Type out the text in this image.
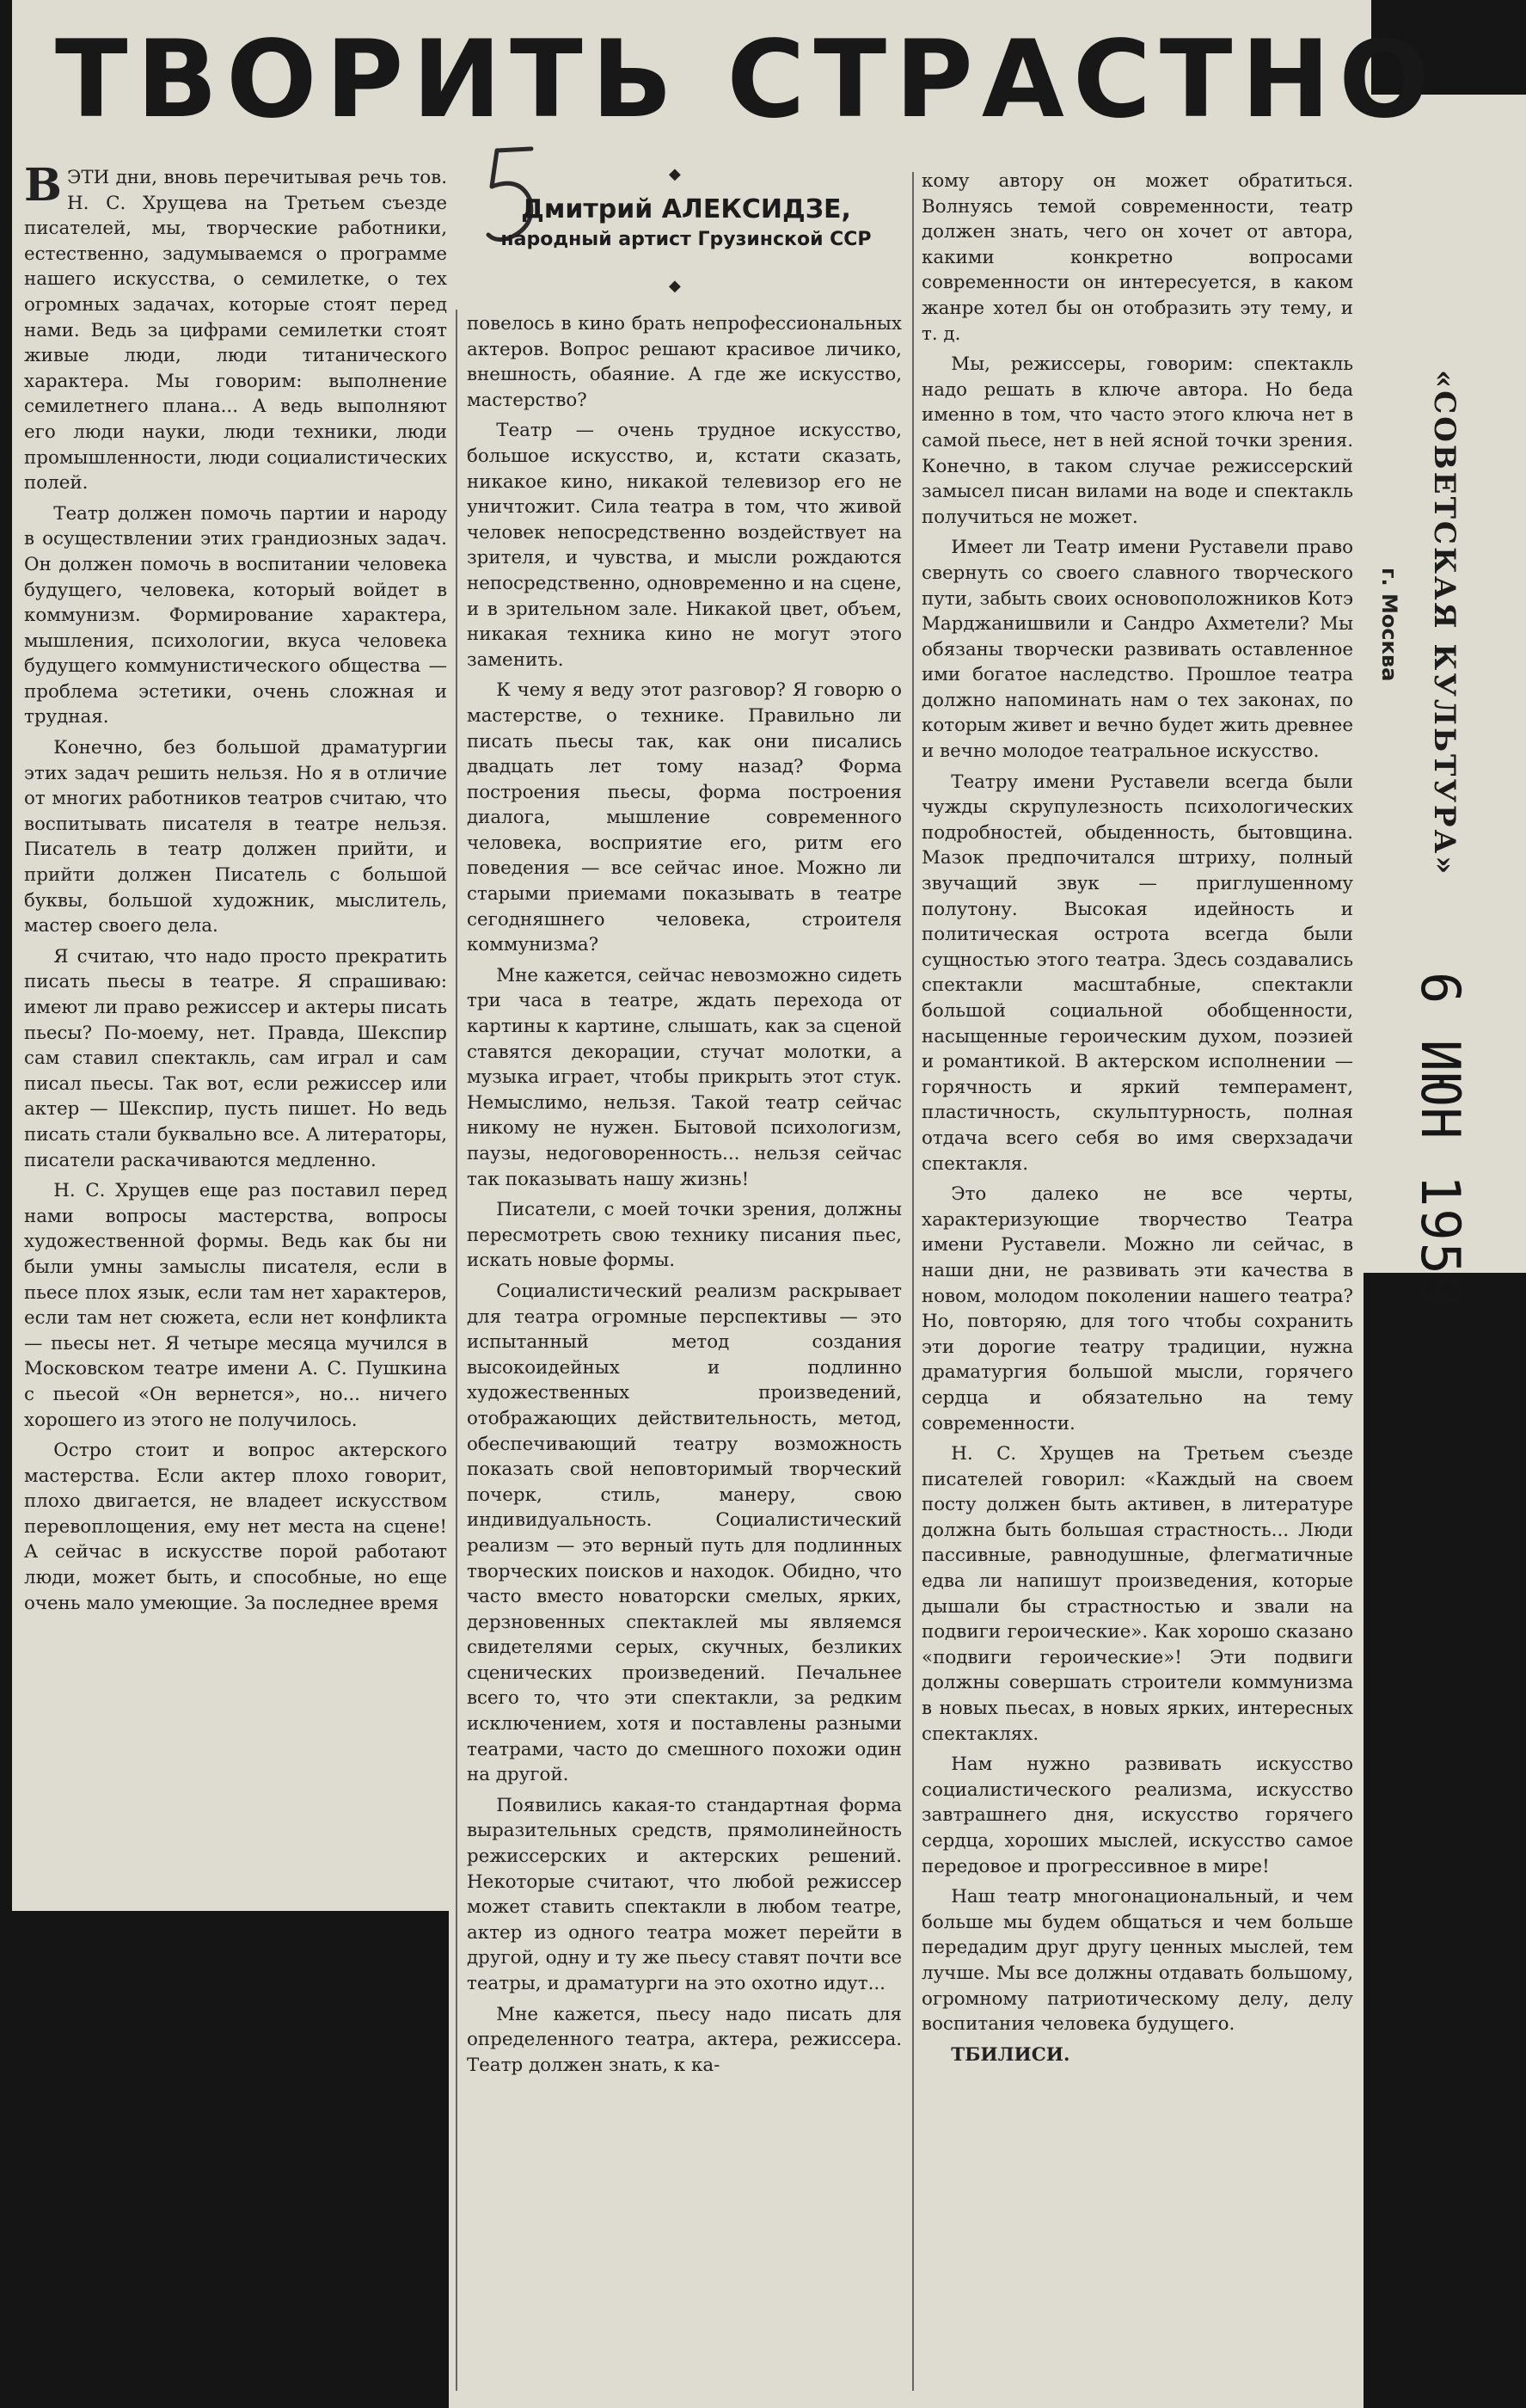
ТВОРИТЬ СТРАСТНО
◆
◆
Дмитрий АЛЕКСИДЗЕ,
народный артист Грузинской ССР

ВЭТИ дни, вновь перечитывая речь тов. Н. С. Хрущева на Третьем съезде писателей, мы, творческие работники, естественно, задумываемся о программе нашего искусства, о семилетке, о тех огромных задачах, которые стоят перед нами. Ведь за цифрами семилетки стоят живые люди, люди титанического характера. Мы говорим: выполнение семилетнего плана... А ведь выполняют его люди науки, люди техники, люди промышленности, люди социалистических полей.

Театр должен помочь партии и народу в осуществлении этих грандиозных задач. Он должен помочь в воспитании человека будущего, человека, который войдет в коммунизм. Формирование характера, мышления, психологии, вкуса человека будущего коммунистического общества — проблема эстетики, очень сложная и трудная.

Конечно, без большой драматургии этих задач решить нельзя. Но я в отличие от многих работников театров считаю, что воспитывать писателя в театре нельзя. Писатель в театр должен прийти, и прийти должен Писатель с большой буквы, большой художник, мыслитель, мастер своего дела.

Я считаю, что надо просто прекратить писать пьесы в театре. Я спрашиваю: имеют ли право режиссер и актеры писать пьесы? По-моему, нет. Правда, Шекспир сам ставил спектакль, сам играл и сам писал пьесы. Так вот, если режиссер или актер — Шекспир, пусть пишет. Но ведь писать стали буквально все. А литераторы, писатели раскачиваются медленно.

Н. С. Хрущев еще раз поставил перед нами вопросы мастерства, вопросы художественной формы. Ведь как бы ни были умны замыслы писателя, если в пьесе плох язык, если там нет характеров, если там нет сюжета, если нет конфликта — пьесы нет. Я четыре месяца мучился в Московском театре имени А. С. Пушкина с пьесой «Он вернется», но... ничего хорошего из этого не получилось.

Остро стоит и вопрос актерского мастерства. Если актер плохо говорит, плохо двигается, не владеет искусством перевоплощения, ему нет места на сцене! А сейчас в искусстве порой работают люди, может быть, и способные, но еще очень мало умеющие. За последнее время

повелось в кино брать непрофессиональных актеров. Вопрос решают красивое личико, внешность, обаяние. А где же искусство, мастерство?

Театр — очень трудное искусство, большое искусство, и, кстати сказать, никакое кино, никакой телевизор его не уничтожит. Сила театра в том, что живой человек непосредственно воздействует на зрителя, и чувства, и мысли рождаются непосредственно, одновременно и на сцене, и в зрительном зале. Никакой цвет, объем, никакая техника кино не могут этого заменить.

К чему я веду этот разговор? Я говорю о мастерстве, о технике. Правильно ли писать пьесы так, как они писались двадцать лет тому назад? Форма построения пьесы, форма построения диалога, мышление современного человека, восприятие его, ритм его поведения — все сейчас иное. Можно ли старыми приемами показывать в театре сегодняшнего человека, строителя коммунизма?

Мне кажется, сейчас невозможно сидеть три часа в театре, ждать перехода от картины к картине, слышать, как за сценой ставятся декорации, стучат молотки, а музыка играет, чтобы прикрыть этот стук. Немыслимо, нельзя. Такой театр сейчас никому не нужен. Бытовой психологизм, паузы, недоговоренность... нельзя сейчас так показывать нашу жизнь!

Писатели, с моей точки зрения, должны пересмотреть свою технику писания пьес, искать новые формы.

Социалистический реализм раскрывает для театра огромные перспективы — это испытанный метод создания высокоидейных и подлинно художественных произведений, отображающих действительность, метод, обеспечивающий театру возможность показать свой неповторимый творческий почерк, стиль, манеру, свою индивидуальность. Социалистический реализм — это верный путь для подлинных творческих поисков и находок. Обидно, что часто вместо новаторски смелых, ярких, дерзновенных спектаклей мы являемся свидетелями серых, скучных, безликих сценических произведений. Печальнее всего то, что эти спектакли, за редким исключением, хотя и поставлены разными театрами, часто до смешного похожи один на другой.

Появились какая-то стандартная форма выразительных средств, прямолинейность режиссерских и актерских решений. Некоторые считают, что любой режиссер может ставить спектакли в любом театре, актер из одного театра может перейти в другой, одну и ту же пьесу ставят почти все театры, и драматурги на это охотно идут...

Мне кажется, пьесу надо писать для определенного театра, актера, режиссера. Театр должен знать, к ка-

кому автору он может обратиться. Волнуясь темой современности, театр должен знать, чего он хочет от автора, какими конкретно вопросами современности он интересуется, в каком жанре хотел бы он отобразить эту тему, и т. д.

Мы, режиссеры, говорим: спектакль надо решать в ключе автора. Но беда именно в том, что часто этого ключа нет в самой пьесе, нет в ней ясной точки зрения. Конечно, в таком случае режиссерский замысел писан вилами на воде и спектакль получиться не может.

Имеет ли Театр имени Руставели право свернуть со своего славного творческого пути, забыть своих основоположников Котэ Марджанишвили и Сандро Ахметели? Мы обязаны творчески развивать оставленное ими богатое наследство. Прошлое театра должно напоминать нам о тех законах, по которым живет и вечно будет жить древнее и вечно молодое театральное искусство.

Театру имени Руставели всегда были чужды скрупулезность психологических подробностей, обыденность, бытовщина. Мазок предпочитался штриху, полный звучащий звук — приглушенному полутону. Высокая идейность и политическая острота всегда были сущностью этого театра. Здесь создавались спектакли масштабные, спектакли большой социальной обобщенности, насыщенные героическим духом, поэзией и романтикой. В актерском исполнении — горячность и яркий темперамент, пластичность, скульптурность, полная отдача всего себя во имя сверхзадачи спектакля.

Это далеко не все черты, характеризующие творчество Театра имени Руставели. Можно ли сейчас, в наши дни, не развивать эти качества в новом, молодом поколении нашего театра? Но, повторяю, для того чтобы сохранить эти дорогие театру традиции, нужна драматургия большой мысли, горячего сердца и обязательно на тему современности.

Н. С. Хрущев на Третьем съезде писателей говорил: «Каждый на своем посту должен быть активен, в литературе должна быть большая страстность... Люди пассивные, равнодушные, флегматичные едва ли напишут произведения, которые дышали бы страстностью и звали на подвиги героические». Как хорошо сказано «подвиги героические»! Эти подвиги должны совершать строители коммунизма в новых пьесах, в новых ярких, интересных спектаклях.

Нам нужно развивать искусство социалистического реализма, искусство завтрашнего дня, искусство горячего сердца, хороших мыслей, искусство самое передовое и прогрессивное в мире!

Наш театр многонациональный, и чем больше мы будем общаться и чем больше передадим друг другу ценных мыслей, тем лучше. Мы все должны отдавать большому, огромному патриотическому делу, делу воспитания человека будущего.

ТБИЛИСИ.

«СОВЕТСКАЯ КУЛЬТУРА»
г. Москва
6 ИЮН 1959
